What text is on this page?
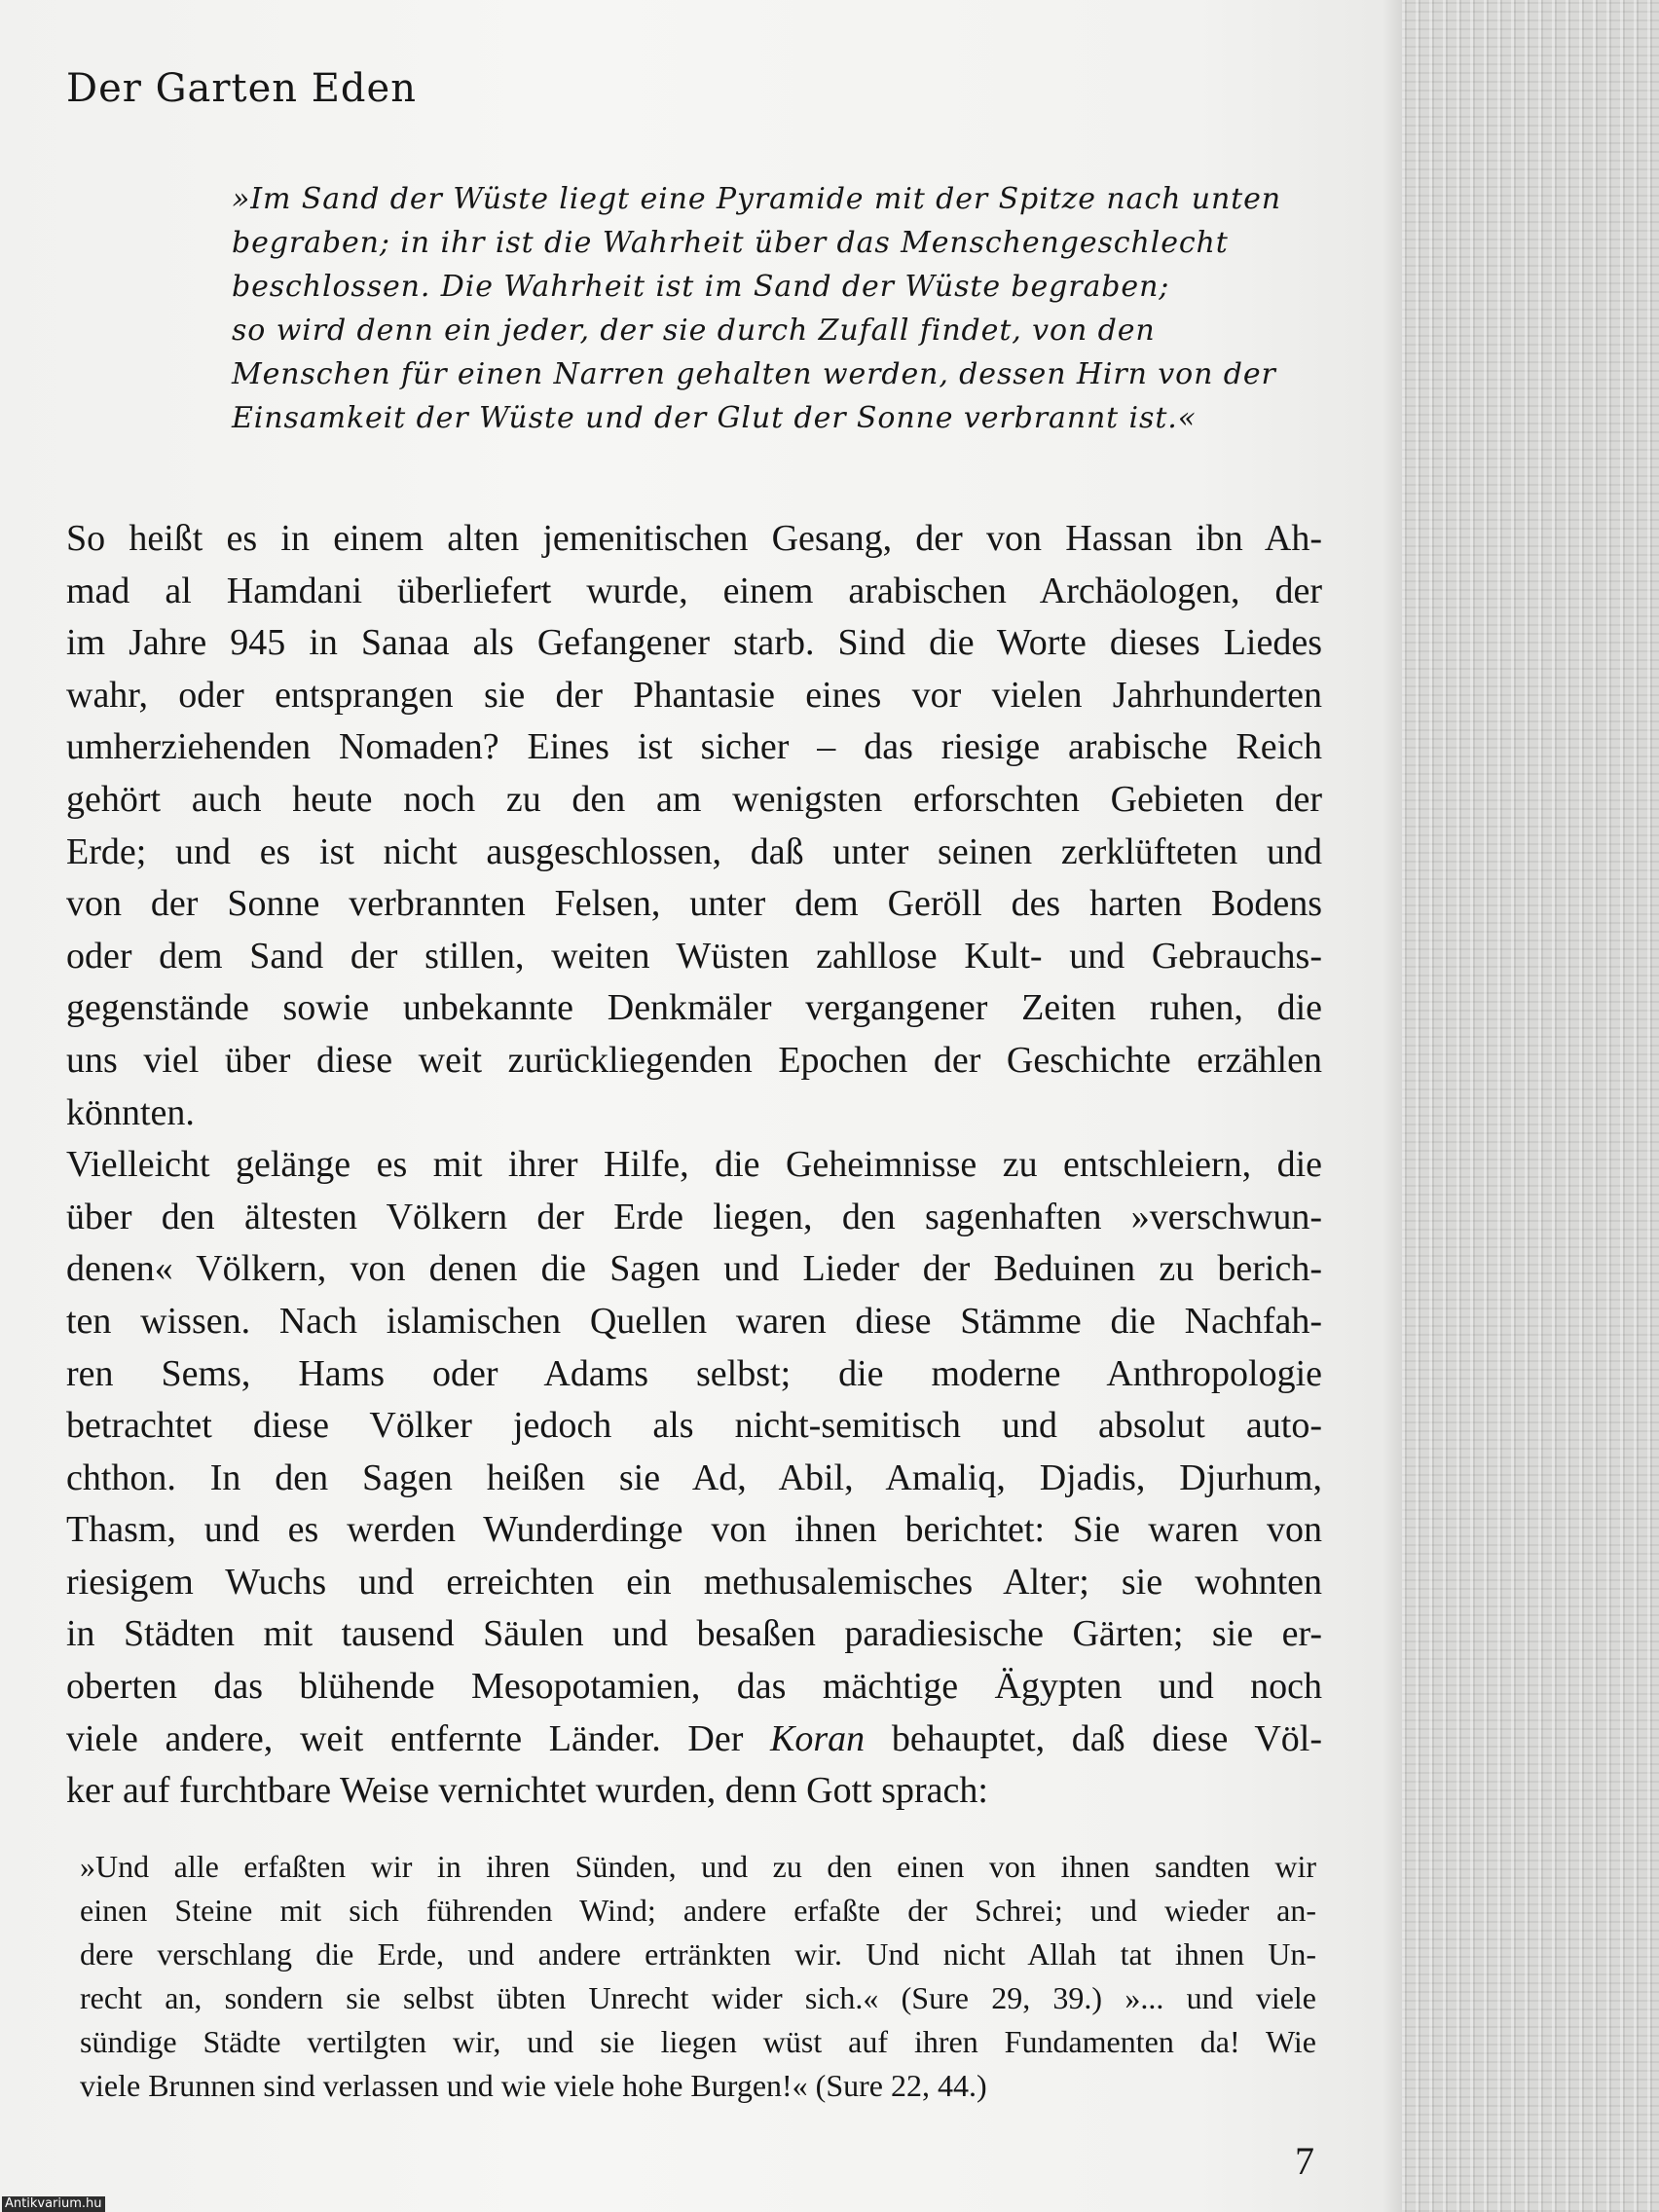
Der Garten Eden
»Im Sand der Wüste liegt eine Pyramide mit der Spitze nach unten
begraben; in ihr ist die Wahrheit über das Menschengeschlecht
beschlossen. Die Wahrheit ist im Sand der Wüste begraben;
so wird denn ein jeder, der sie durch Zufall findet, von den
Menschen für einen Narren gehalten werden, dessen Hirn von der
Einsamkeit der Wüste und der Glut der Sonne verbrannt ist.«
So heißt es in einem alten jemenitischen Gesang, der von Hassan ibn Ah-
mad al Hamdani überliefert wurde, einem arabischen Archäologen, der
im Jahre 945 in Sanaa als Gefangener starb. Sind die Worte dieses Liedes
wahr, oder entsprangen sie der Phantasie eines vor vielen Jahrhunderten
umherziehenden Nomaden? Eines ist sicher – das riesige arabische Reich
gehört auch heute noch zu den am wenigsten erforschten Gebieten der
Erde; und es ist nicht ausgeschlossen, daß unter seinen zerklüfteten und
von der Sonne verbrannten Felsen, unter dem Geröll des harten Bodens
oder dem Sand der stillen, weiten Wüsten zahllose Kult- und Gebrauchs-
gegenstände sowie unbekannte Denkmäler vergangener Zeiten ruhen, die
uns viel über diese weit zurückliegenden Epochen der Geschichte erzählen
könnten.
Vielleicht gelänge es mit ihrer Hilfe, die Geheimnisse zu entschleiern, die
über den ältesten Völkern der Erde liegen, den sagenhaften »verschwun-
denen« Völkern, von denen die Sagen und Lieder der Beduinen zu berich-
ten wissen. Nach islamischen Quellen waren diese Stämme die Nachfah-
ren Sems, Hams oder Adams selbst; die moderne Anthropologie
betrachtet diese Völker jedoch als nicht-semitisch und absolut auto-
chthon. In den Sagen heißen sie Ad, Abil, Amaliq, Djadis, Djurhum,
Thasm, und es werden Wunderdinge von ihnen berichtet: Sie waren von
riesigem Wuchs und erreichten ein methusalemisches Alter; sie wohnten
in Städten mit tausend Säulen und besaßen paradiesische Gärten; sie er-
oberten das blühende Mesopotamien, das mächtige Ägypten und noch
viele andere, weit entfernte Länder. Der Koran behauptet, daß diese Völ-
ker auf furchtbare Weise vernichtet wurden, denn Gott sprach:
»Und alle erfaßten wir in ihren Sünden, und zu den einen von ihnen sandten wir
einen Steine mit sich führenden Wind; andere erfaßte der Schrei; und wieder an-
dere verschlang die Erde, und andere ertränkten wir. Und nicht Allah tat ihnen Un-
recht an, sondern sie selbst übten Unrecht wider sich.« (Sure 29, 39.) »... und viele
sündige Städte vertilgten wir, und sie liegen wüst auf ihren Fundamenten da! Wie
viele Brunnen sind verlassen und wie viele hohe Burgen!« (Sure 22, 44.)
7
Antikvarium.hu
